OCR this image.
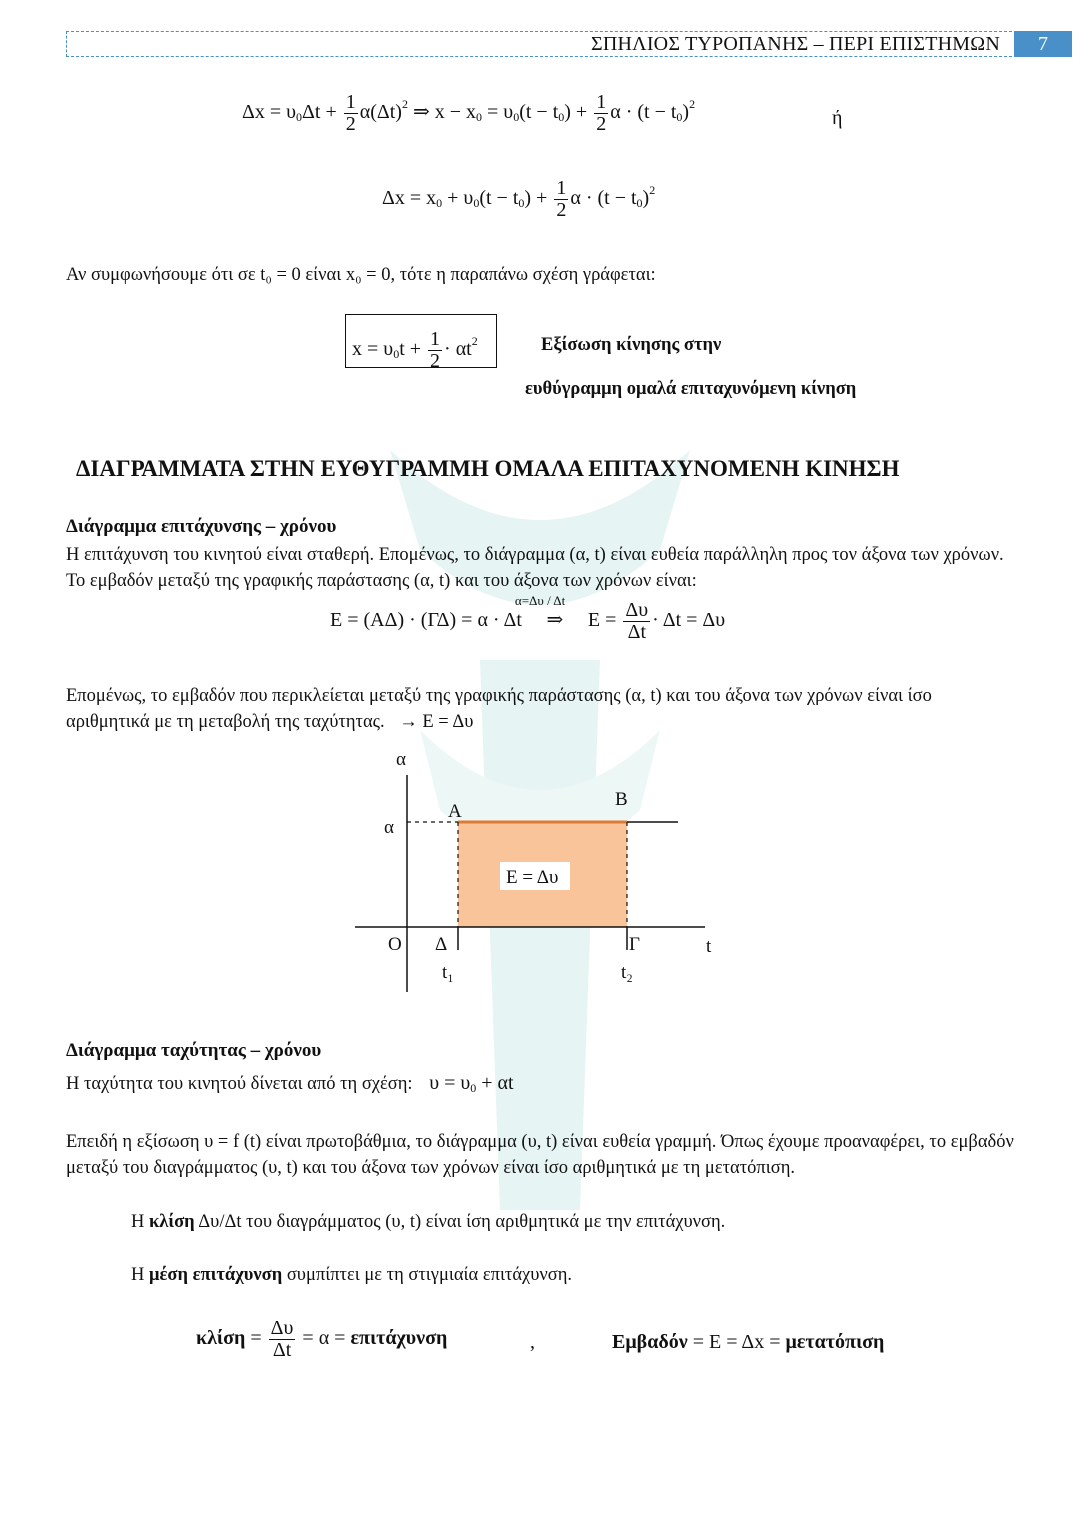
ΣΠΗΛΙΟΣ ΤΥΡΟΠΑΝΗΣ – ΠΕΡΙ ΕΠΙΣΤΗΜΩΝ	7
$\Delta x = \upsilon_0\Delta t + \frac{1}{2} \alpha(\Delta t)^2$ ⇒ $x - x_0 = \upsilon_0(t - t_0) + \frac{1}{2}$ $\alpha \cdot (t - t_0)^2$
ή
$\Delta x = x_0 + \upsilon_0(t - t_0) + \frac{1}{2}$ $\alpha \cdot (t - t_0)^2$
Αν συμφωνήσουμε ότι σε t₀ = 0 είναι x₀ = 0, τότε η παραπάνω σχέση γράφεται:
$x = \upsilon_0t + \frac{1}{2} \cdot \alpha t^2$	Εξίσωση κίνησης στην
ευθύγραμμη ομαλά επιταχυνόμενη κίνηση
ΔΙΑΓΡΑΜΜΑΤΑ ΣΤΗΝ ΕΥΘΥΓΡΑΜΜΗ ΟΜΑΛΑ ΕΠΙΤΑΧΥΝΟΜΕΝΗ ΚΙΝΗΣΗ
Διάγραμμα επιτάχυνσης – χρόνου
Η επιτάχυνση του κινητού είναι σταθερή. Επομένως, το διάγραμμα (α, t) είναι ευθεία παράλληλη προς τον άξονα των χρόνων. Το εμβαδόν μεταξύ της γραφικής παράστασης (α, t) και του άξονα των χρόνων είναι:
Ε = (ΑΔ) · (ΓΔ) = α · Δt
α=Δυ / Δt
⇒ $E = \frac{\Delta\upsilon}{\Delta t} \cdot \Delta t = \Delta\upsilon$
Επομένως, το εμβαδόν που περικλείεται μεταξύ της γραφικής παράστασης (α, t) και του άξονα των χρόνων είναι ίσο αριθμητικά με τη μεταβολή της ταχύτητας. → Ε = Δυ
α
α
Α
Β
Ο Δ	Γ	t
t₁	t₂
Ε = Δυ
Διάγραμμα ταχύτητας – χρόνου
Η ταχύτητα του κινητού δίνεται από τη σχέση: $\upsilon = \upsilon_0 + \alpha t$
Επειδή η εξίσωση υ = f (t) είναι πρωτοβάθμια, το διάγραμμα (υ, t) είναι ευθεία γραμμή. Όπως έχουμε προαναφέρει, το εμβαδόν μεταξύ του διαγράμματος (υ, t) και του άξονα των χρόνων είναι ίσο αριθμητικά με τη μετατόπιση.
Η κλίση Δυ/Δt του διαγράμματος (υ, t) είναι ίση αριθμητικά με την επιτάχυνση.
Η μέση επιτάχυνση συμπίπτει με τη στιγμιαία επιτάχυνση.
$\kappa\lambda ί\sigma\eta = \frac{\Delta\upsilon}{\Delta t} = \alpha = \varepsilon\pi\iota\tau ά\chi\upsilon\nu\sigma\eta$	,	Εμβαδόν = Ε = Δx = μετατόπιση
